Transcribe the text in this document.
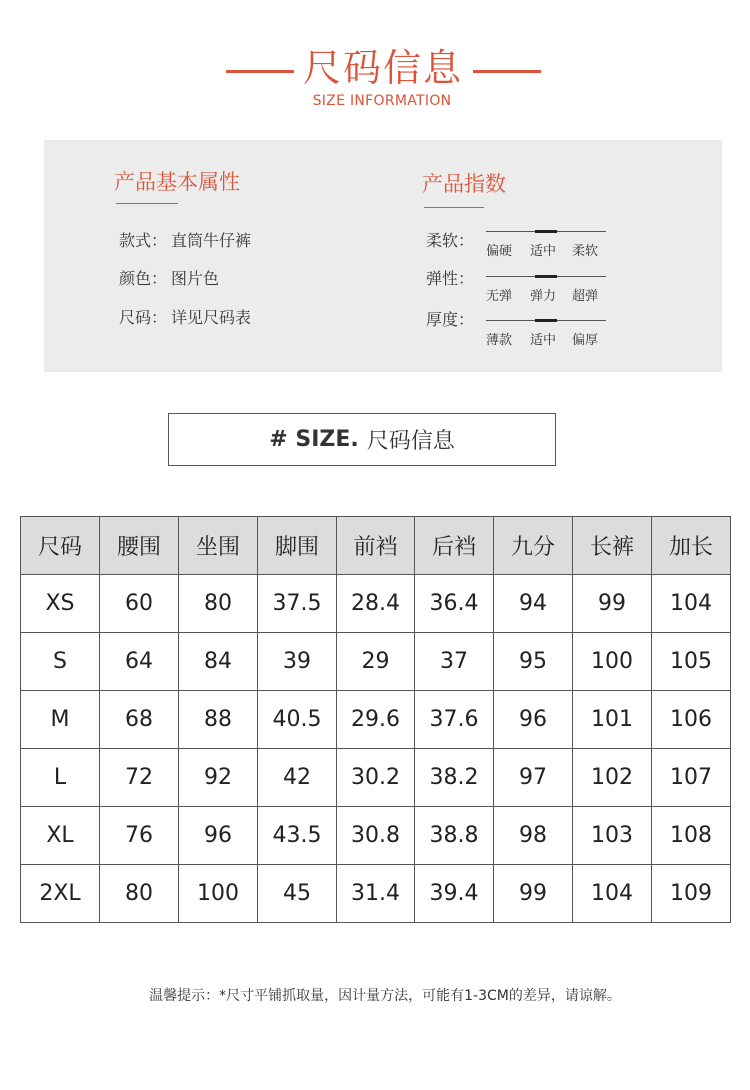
尺码信息
SIZE INFORMATION
产品基本属性
款式： 直筒牛仔裤
颜色： 图片色
尺码： 详见尺码表
产品指数
柔软：
偏硬 适中 柔软
弹性：
无弹 弹力 超弹
厚度：
薄款 适中 偏厚
# SIZE. 尺码信息
尺码	腰围	坐围	脚围	前裆	后裆	九分	长裤	加长
XS	60	80	37.5	28.4	36.4	94	99	104
S	64	84	39	29	37	95	100	105
M	68	88	40.5	29.6	37.6	96	101	106
L	72	92	42	30.2	38.2	97	102	107
XL	76	96	43.5	30.8	38.8	98	103	108
2XL	80	100	45	31.4	39.4	99	104	109
温馨提示：*尺寸平铺抓取量，因计量方法，可能有1-3CM的差异，请谅解。
